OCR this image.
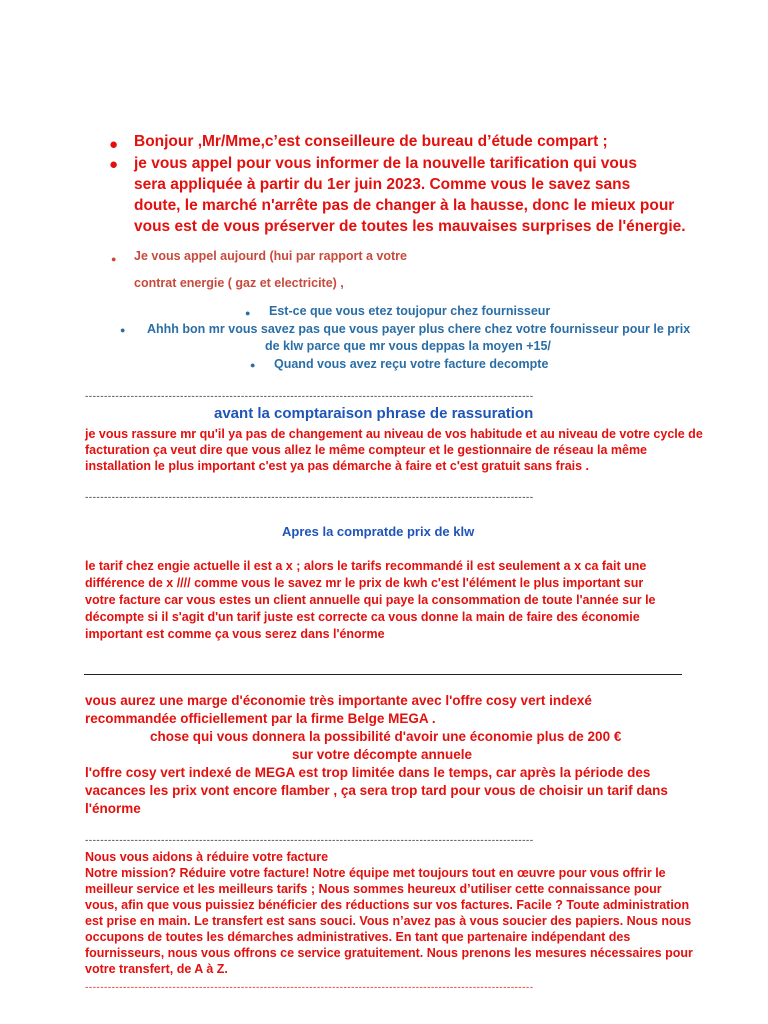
● Bonjour ,Mr/Mme,c’est conseilleure de bureau d’étude compart ;
● je vous appel pour vous informer de la nouvelle tarification qui vous
sera appliquée à partir du 1er juin 2023. Comme vous le savez sans
doute, le marché n'arrête pas de changer à la hausse, donc le mieux pour
vous est de vous préserver de toutes les mauvaises surprises de l'énergie.
● Je vous appel aujourd (hui par rapport a votre
contrat energie ( gaz et electricite) ,
● Est-ce que vous etez toujopur chez fournisseur
● Ahhh bon mr vous savez pas que vous payer plus chere chez votre fournisseur pour le prix
de klw parce que mr vous deppas la moyen +15/
● Quand vous avez reçu votre facture decompte
----------------------------------------------------------------------------------------------------------------------
avant la comptaraison phrase de rassuration
je vous rassure mr qu'il ya pas de changement au niveau de vos habitude et au niveau de votre cycle de
facturation ça veut dire que vous allez le même compteur et le gestionnaire de réseau la même
installation le plus important c'est ya pas démarche à faire et c'est gratuit sans frais .
----------------------------------------------------------------------------------------------------------------------
Apres la compratde prix de klw
le tarif chez engie actuelle il est a x ; alors le tarifs recommandé il est seulement a x ca fait une
différence de x //// comme vous le savez mr le prix de kwh c'est l'élément le plus important sur
votre facture car vous estes un client annuelle qui paye la consommation de toute l'année sur le
décompte si il s'agit d'un tarif juste est correcte ca vous donne la main de faire des économie
important est comme ça vous serez dans l'énorme
vous aurez une marge d'économie très importante avec l'offre cosy vert indexé
recommandée officiellement par la firme Belge MEGA .
chose qui vous donnera la possibilité d'avoir une économie plus de 200 €
sur votre décompte annuele
l'offre cosy vert indexé de MEGA est trop limitée dans le temps, car après la période des
vacances les prix vont encore flamber , ça sera trop tard pour vous de choisir un tarif dans
l'énorme
----------------------------------------------------------------------------------------------------------------------
Nous vous aidons à réduire votre facture
Notre mission? Réduire votre facture! Notre équipe met toujours tout en œuvre pour vous offrir le
meilleur service et les meilleurs tarifs ; Nous sommes heureux d’utiliser cette connaissance pour
vous, afin que vous puissiez bénéficier des réductions sur vos factures. Facile ? Toute administration
est prise en main. Le transfert est sans souci. Vous n’avez pas à vous soucier des papiers. Nous nous
occupons de toutes les démarches administratives. En tant que partenaire indépendant des
fournisseurs, nous vous offrons ce service gratuitement. Nous prenons les mesures nécessaires pour
votre transfert, de A à Z.
----------------------------------------------------------------------------------------------------------------------
